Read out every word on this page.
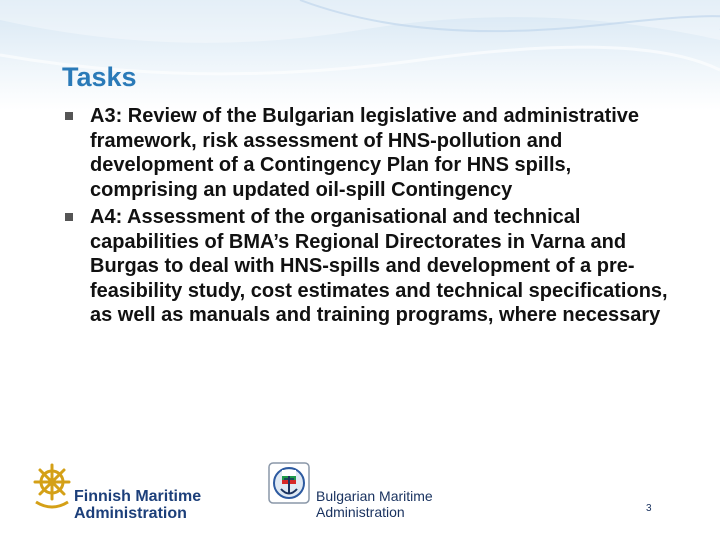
Tasks
A3: Review of the Bulgarian legislative and administrative framework, risk assessment of HNS-pollution and development of a Contingency Plan for HNS spills, comprising an updated oil-spill Contingency
A4: Assessment of the organisational and technical capabilities of BMA’s Regional Directorates in Varna and Burgas to deal with HNS-spills and development of a pre-feasibility study, cost estimates and technical specifications, as well as manuals and training programs, where necessary
Finnish Maritime
Administration
Bulgarian Maritime
Administration	3
